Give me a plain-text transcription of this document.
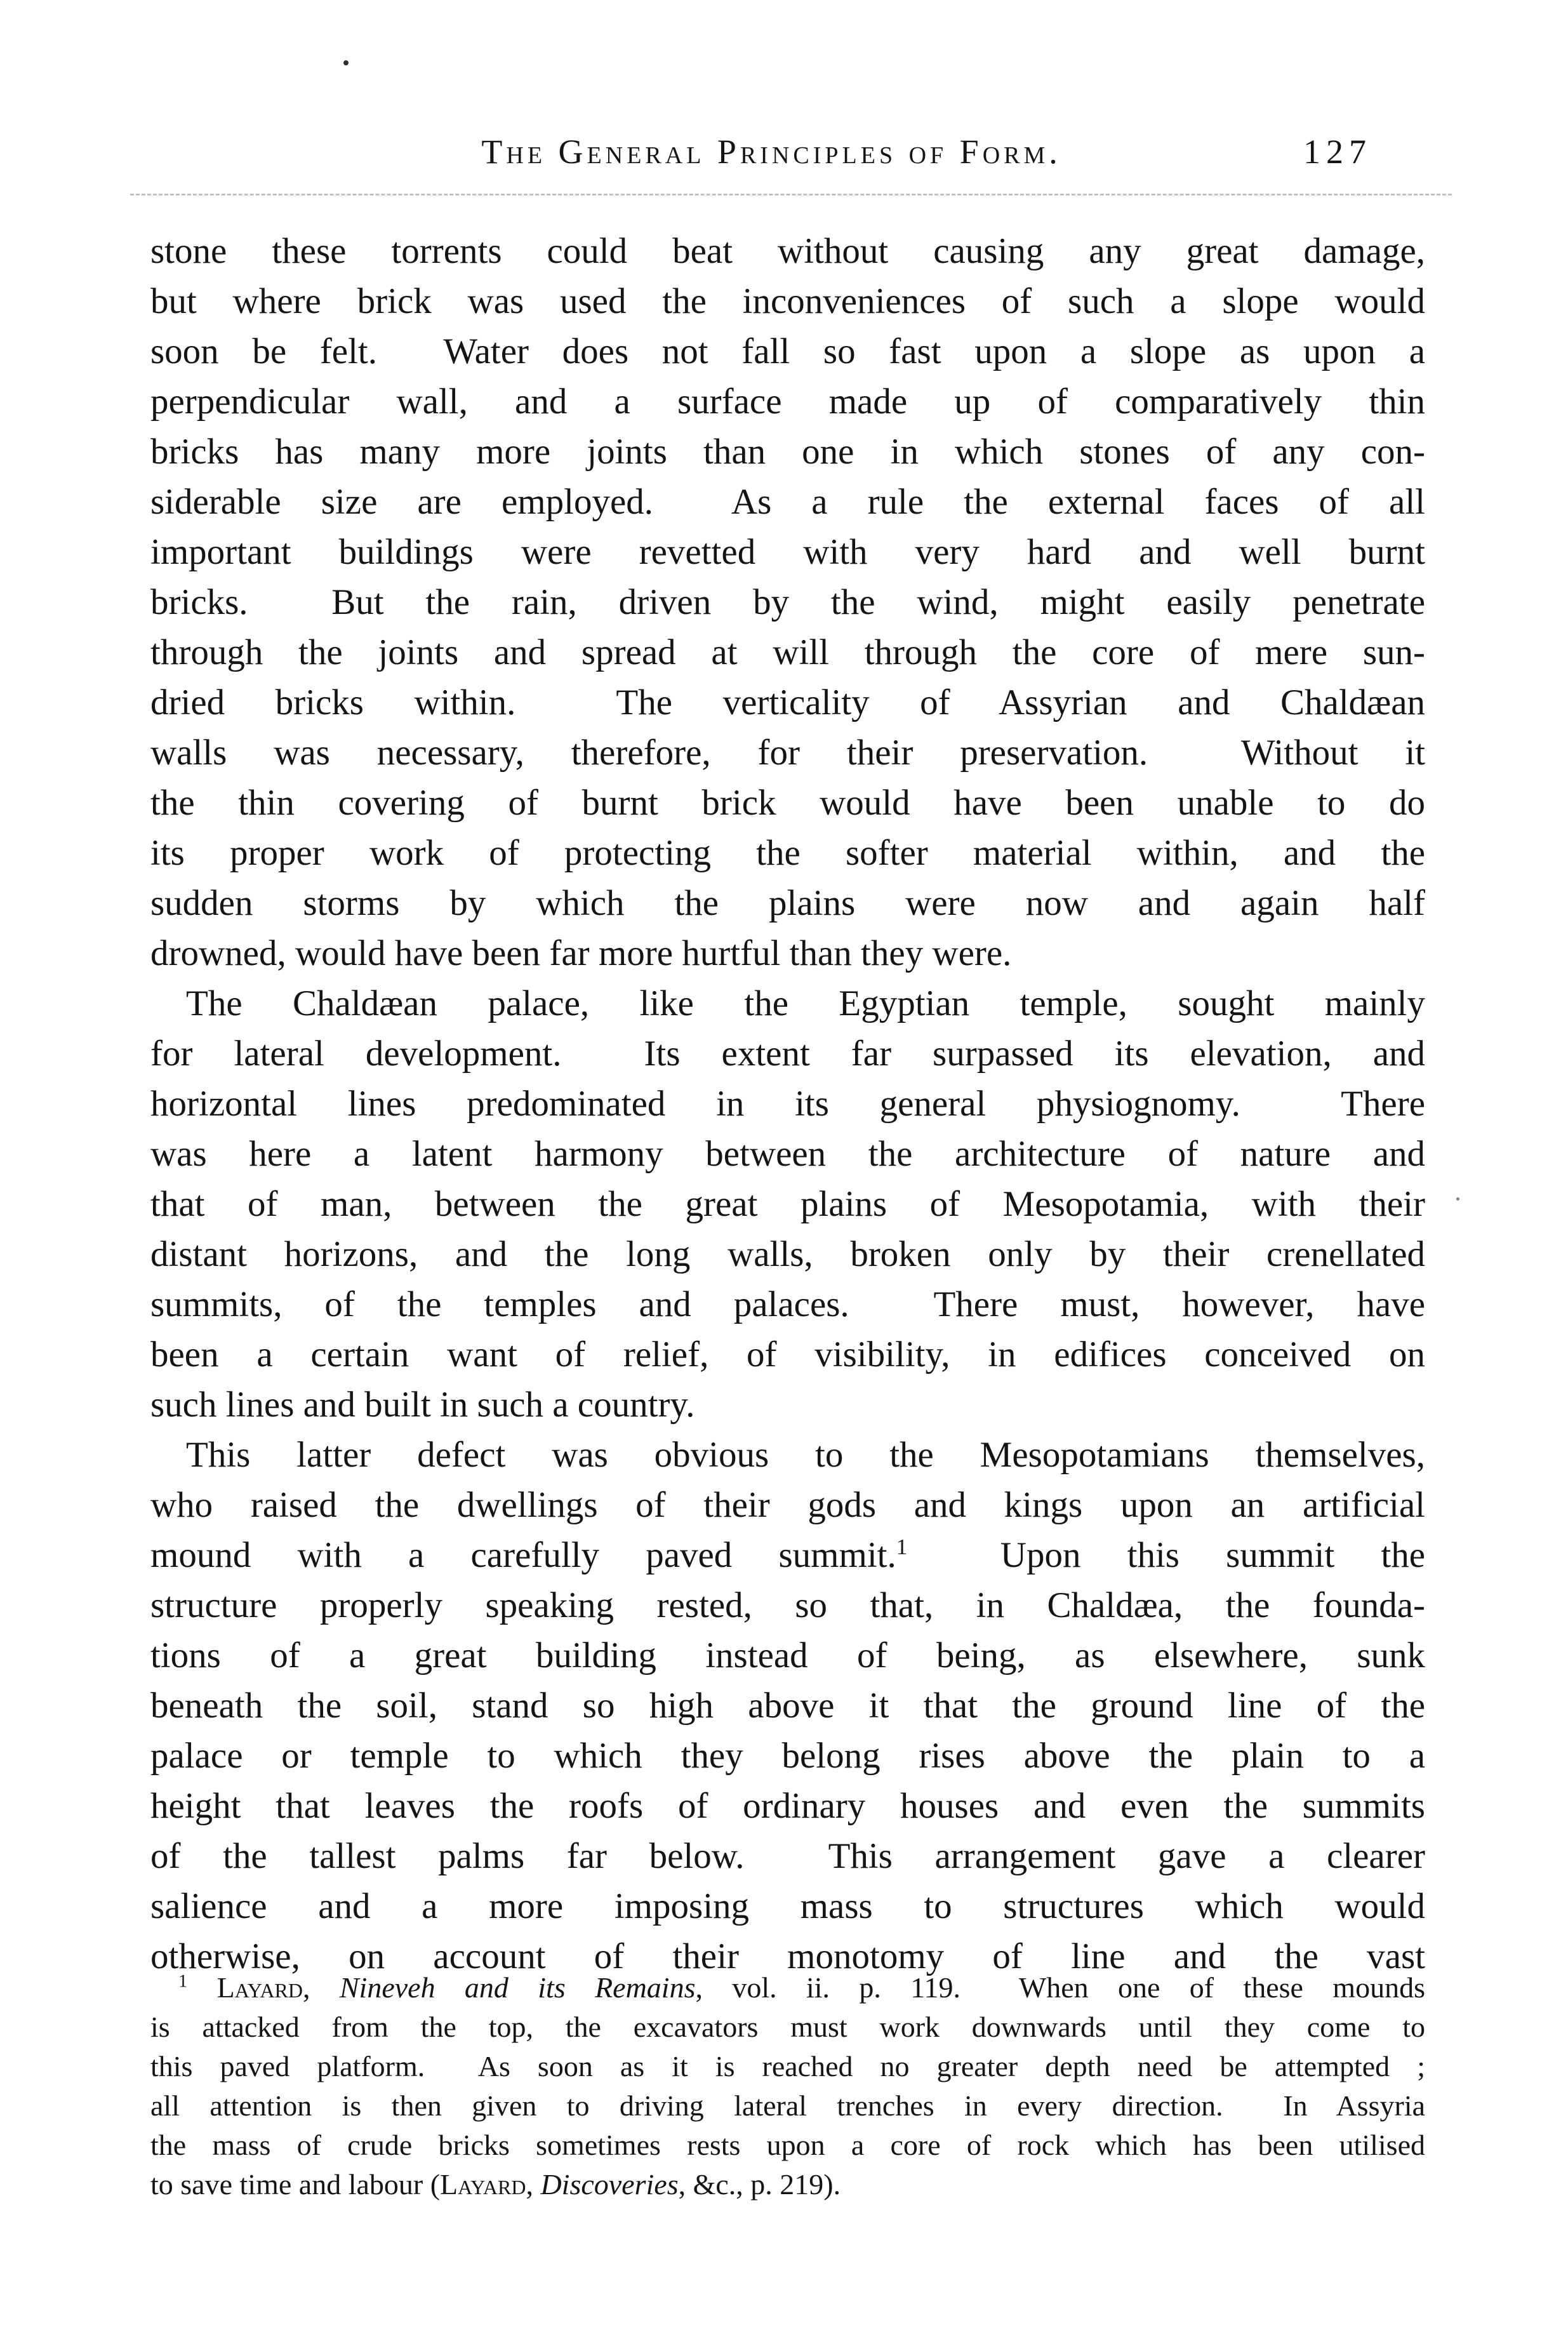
The General Principles of Form.	127
stone these torrents could beat without causing any great damage,
but where brick was used the inconveniences of such a slope would
soon be felt.  Water does not fall so fast upon a slope as upon a
perpendicular wall, and a surface made up of comparatively thin
bricks has many more joints than one in which stones of any con-
siderable size are employed.  As a rule the external faces of all
important buildings were revetted with very hard and well burnt
bricks.  But the rain, driven by the wind, might easily penetrate
through the joints and spread at will through the core of mere sun-
dried bricks within.  The verticality of Assyrian and Chaldæan
walls was necessary, therefore, for their preservation.  Without it
the thin covering of burnt brick would have been unable to do
its proper work of protecting the softer material within, and the
sudden storms by which the plains were now and again half
drowned, would have been far more hurtful than they were.
The Chaldæan palace, like the Egyptian temple, sought mainly
for lateral development.  Its extent far surpassed its elevation, and
horizontal lines predominated in its general physiognomy.  There
was here a latent harmony between the architecture of nature and
that of man, between the great plains of Mesopotamia, with their
distant horizons, and the long walls, broken only by their crenellated
summits, of the temples and palaces.  There must, however, have
been a certain want of relief, of visibility, in edifices conceived on
such lines and built in such a country.
This latter defect was obvious to the Mesopotamians themselves,
who raised the dwellings of their gods and kings upon an artificial
mound with a carefully paved summit.$^1$  Upon this summit the
structure properly speaking rested, so that, in Chaldæa, the founda-
tions of a great building instead of being, as elsewhere, sunk
beneath the soil, stand so high above it that the ground line of the
palace or temple to which they belong rises above the plain to a
height that leaves the roofs of ordinary houses and even the summits
of the tallest palms far below.  This arrangement gave a clearer
salience and a more imposing mass to structures which would
otherwise, on account of their monotomy of line and the vast
$^1$ Layard, Nineveh and its Remains, vol. ii. p. 119.  When one of these mounds
is attacked from the top, the excavators must work downwards until they come to
this paved platform.  As soon as it is reached no greater depth need be attempted ;
all attention is then given to driving lateral trenches in every direction.  In Assyria
the mass of crude bricks sometimes rests upon a core of rock which has been utilised
to save time and labour (Layard, Discoveries, &c., p. 219).
